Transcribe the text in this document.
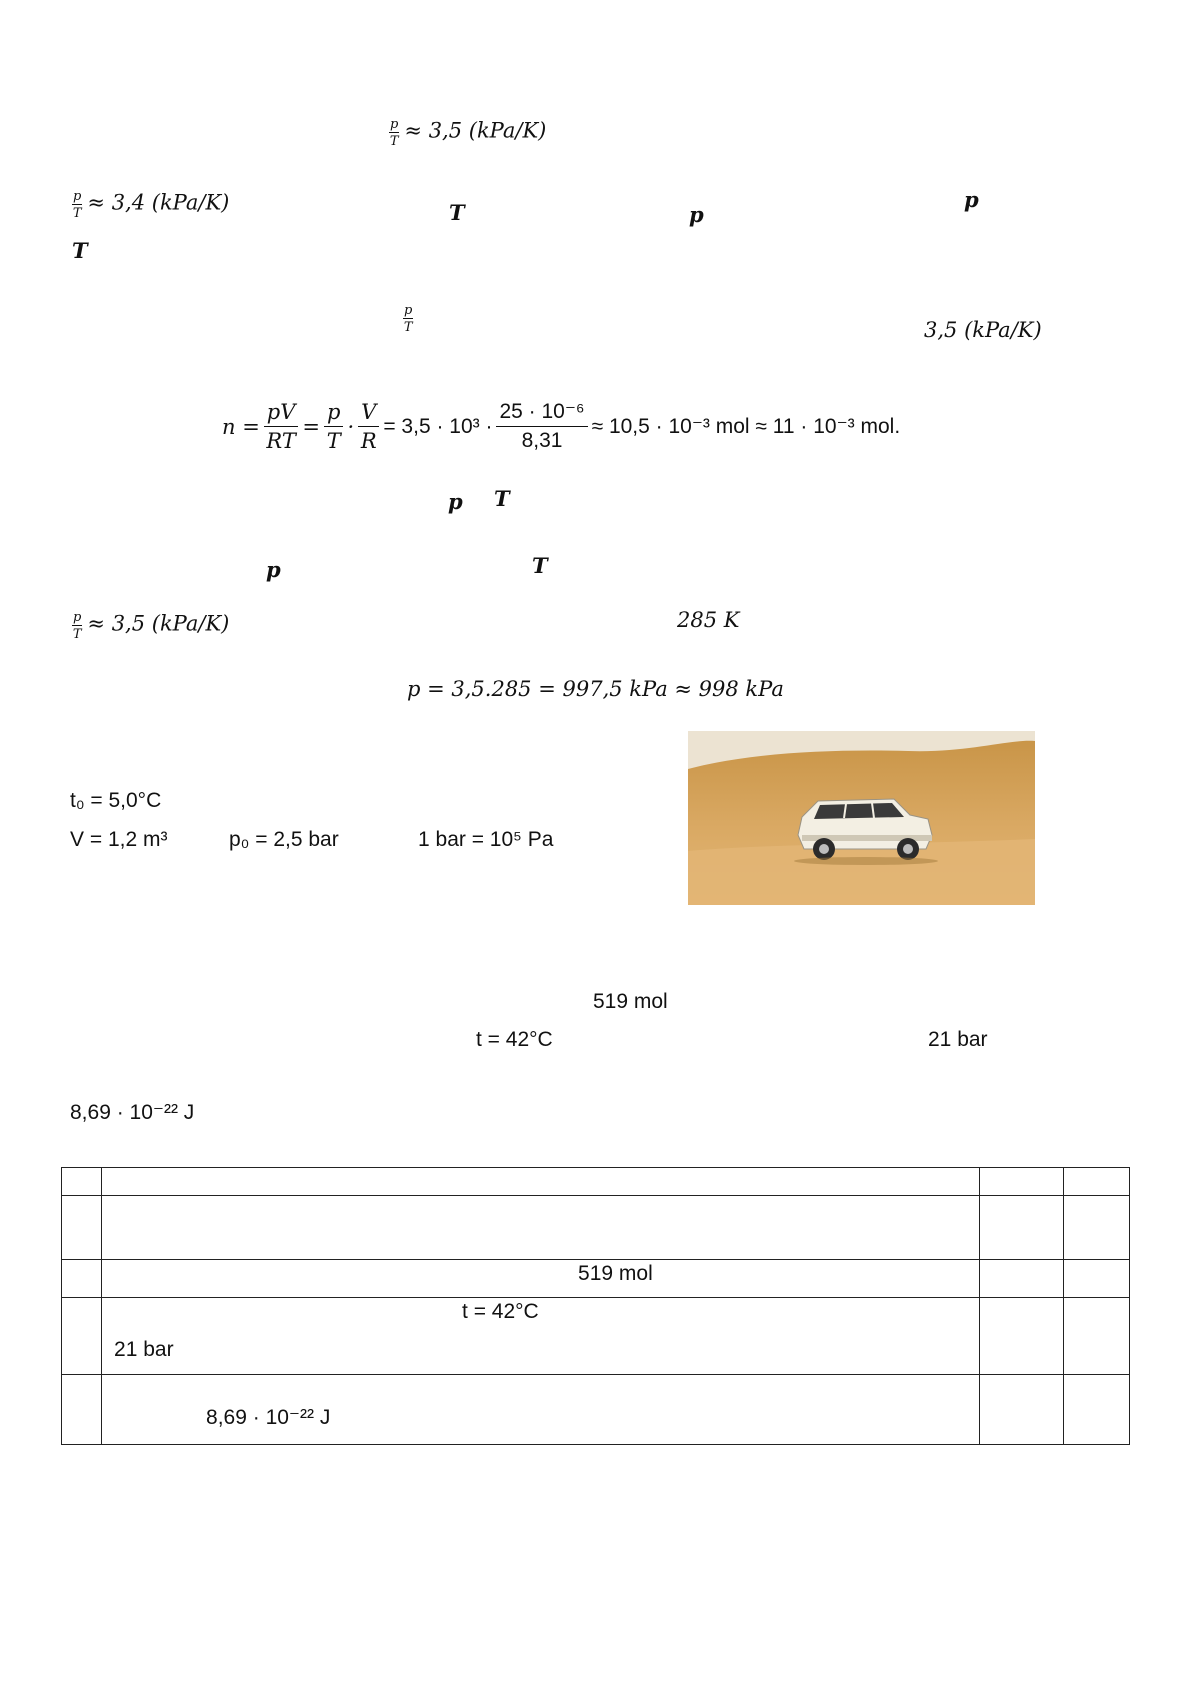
$\frac{p}{T} \approx 3,5$ (kPa/K)
$\frac{p}{T} \approx 3,4$ (kPa/K)	T	p
p
T
$\frac{p}{T}$	3,5 (kPa/K)
$n = \frac{pV}{RT} = \frac{p}{T} \cdot \frac{V}{R} = 3,5 \cdot 10^3 \cdot \frac{\text{25 · 10⁻⁶}}{8,31} \approx 10,5 \cdot 10^{-3}$ mol ≈ 11 · 10⁻³ mol.
p T
p	T
$\frac{p}{T} \approx 3,5$ (kPa/K)	285 K
p = 3,5.285 = 997,5 kPa ≈ 998 kPa
t₀ = 5,0°C
V = 1,2 m³	p₀ = 2,5 bar	1 bar = 10⁵ Pa
519 mol
t = 42°C	21 bar
8,69 · 10⁻²² J

	519 mol		

	t = 42°C
21 bar		

	8,69 · 10⁻²² J		
